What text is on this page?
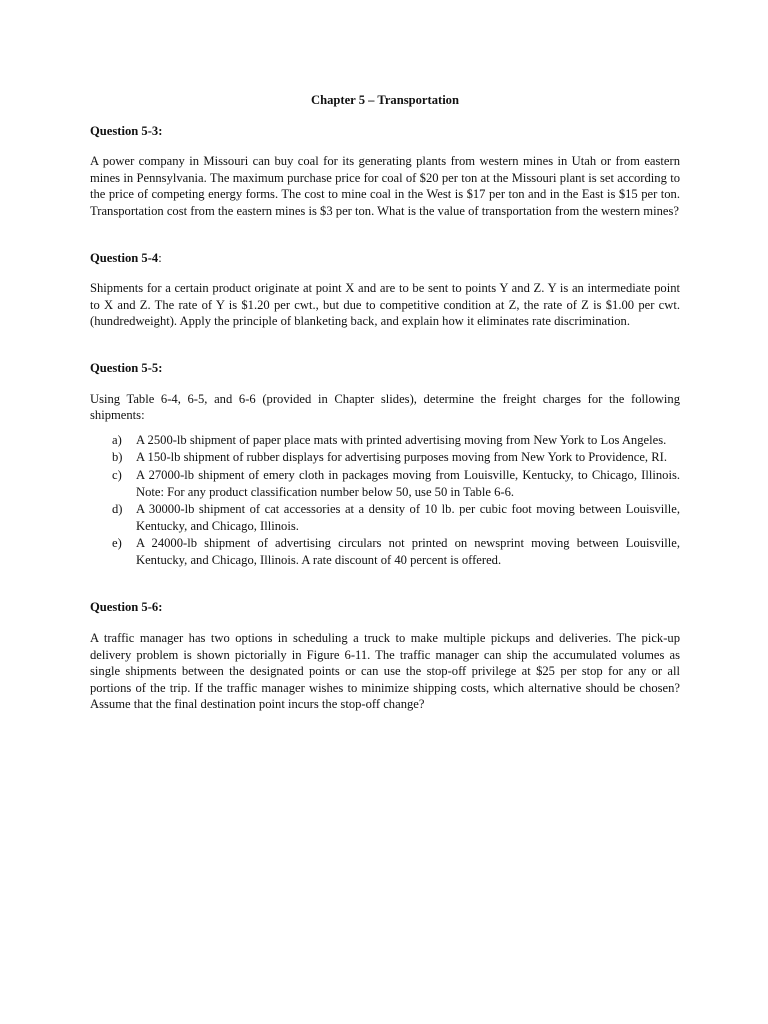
Chapter 5 – Transportation

Question 5-3:

A power company in Missouri can buy coal for its generating plants from western mines in Utah or from eastern mines in Pennsylvania. The maximum purchase price for coal of $20 per ton at the Missouri plant is set according to the price of competing energy forms. The cost to mine coal in the West is $17 per ton and in the East is $15 per ton. Transportation cost from the eastern mines is $3 per ton. What is the value of transportation from the western mines?

Question 5-4:

Shipments for a certain product originate at point X and are to be sent to points Y and Z. Y is an intermediate point to X and Z. The rate of Y is $1.20 per cwt., but due to competitive condition at Z, the rate of Z is $1.00 per cwt. (hundredweight). Apply the principle of blanketing back, and explain how it eliminates rate discrimination.

Question 5-5:

Using Table 6-4, 6-5, and 6-6 (provided in Chapter slides), determine the freight charges for the following shipments:

a) A 2500-lb shipment of paper place mats with printed advertising moving from New York to Los Angeles.
b) A 150-lb shipment of rubber displays for advertising purposes moving from New York to Providence, RI.
c) A 27000-lb shipment of emery cloth in packages moving from Louisville, Kentucky, to Chicago, Illinois. Note: For any product classification number below 50, use 50 in Table 6-6.
d) A 30000-lb shipment of cat accessories at a density of 10 lb. per cubic foot moving between Louisville, Kentucky, and Chicago, Illinois.
e) A 24000-lb shipment of advertising circulars not printed on newsprint moving between Louisville, Kentucky, and Chicago, Illinois. A rate discount of 40 percent is offered.

Question 5-6:

A traffic manager has two options in scheduling a truck to make multiple pickups and deliveries. The pick-up delivery problem is shown pictorially in Figure 6-11. The traffic manager can ship the accumulated volumes as single shipments between the designated points or can use the stop-off privilege at $25 per stop for any or all portions of the trip. If the traffic manager wishes to minimize shipping costs, which alternative should be chosen? Assume that the final destination point incurs the stop-off change?
